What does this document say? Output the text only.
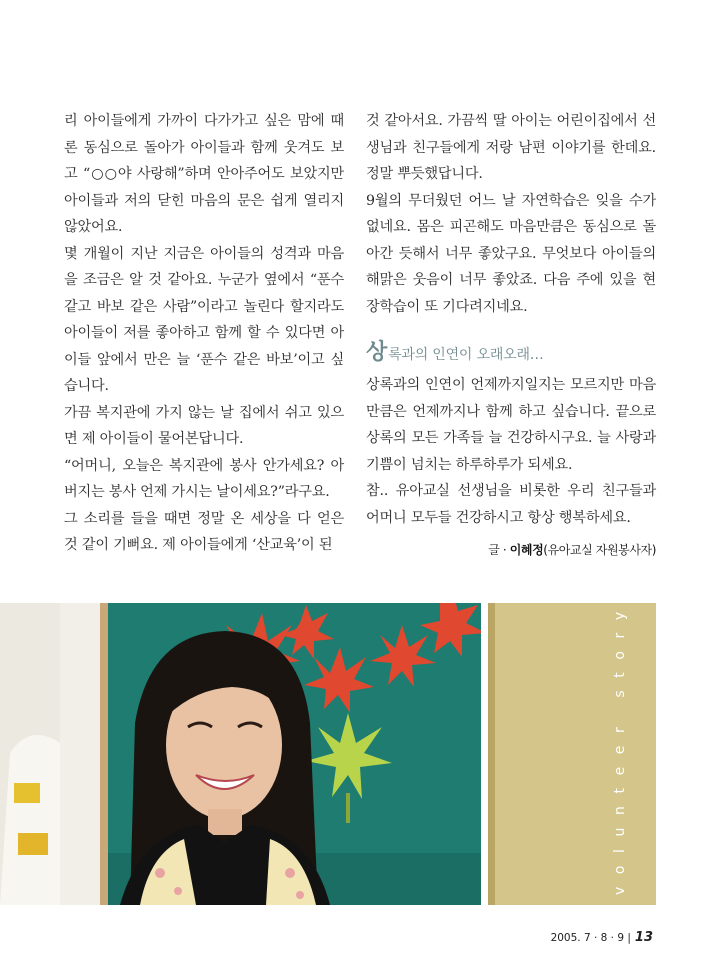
리 아이들에게 가까이 다가가고 싶은 맘에 때론 동심으로 돌아가 아이들과 함께 웃겨도 보고 “○○야 사랑해”하며 안아주어도 보았지만 아이들과 저의 닫힌 마음의 문은 쉽게 열리지 않았어요.

몇 개월이 지난 지금은 아이들의 성격과 마음을 조금은 알 것 같아요. 누군가 옆에서 “푼수 같고 바보 같은 사람”이라고 놀린다 할지라도 아이들이 저를 좋아하고 함께 할 수 있다면 아이들 앞에서 만은 늘 ‘푼수 같은 바보’이고 싶습니다.

가끔 복지관에 가지 않는 날 집에서 쉬고 있으면 제 아이들이 물어본답니다.

“어머니, 오늘은 복지관에 봉사 안가세요? 아버지는 봉사 언제 가시는 날이세요?”라구요.

그 소리를 들을 때면 정말 온 세상을 다 얻은 것 같이 기뻐요. 제 아이들에게 ‘산교육’이 된

것 같아서요. 가끔씩 딸 아이는 어린이집에서 선생님과 친구들에게 저랑 남편 이야기를 한데요. 정말 뿌듯했답니다.

9월의 무더웠던 어느 날 자연학습은 잊을 수가 없네요. 몸은 피곤해도 마음만큼은 동심으로 돌아간 듯해서 너무 좋았구요. 무엇보다 아이들의 해맑은 웃음이 너무 좋았죠. 다음 주에 있을 현장학습이 또 기다려지네요.

상록과의 인연이 오래오래…

상록과의 인연이 언제까지일지는 모르지만 마음만큼은 언제까지나 함께 하고 싶습니다. 끝으로 상록의 모든 가족들 늘 건강하시구요. 늘 사랑과 기쁨이 넘치는 하루하루가 되세요.

참.. 유아교실 선생님을 비롯한 우리 친구들과 어머니 모두들 건강하시고 항상 행복하세요.

글 · 이혜정(유아교실 자원봉사자)

volunteer story
2005. 7 · 8 · 9 | 13
